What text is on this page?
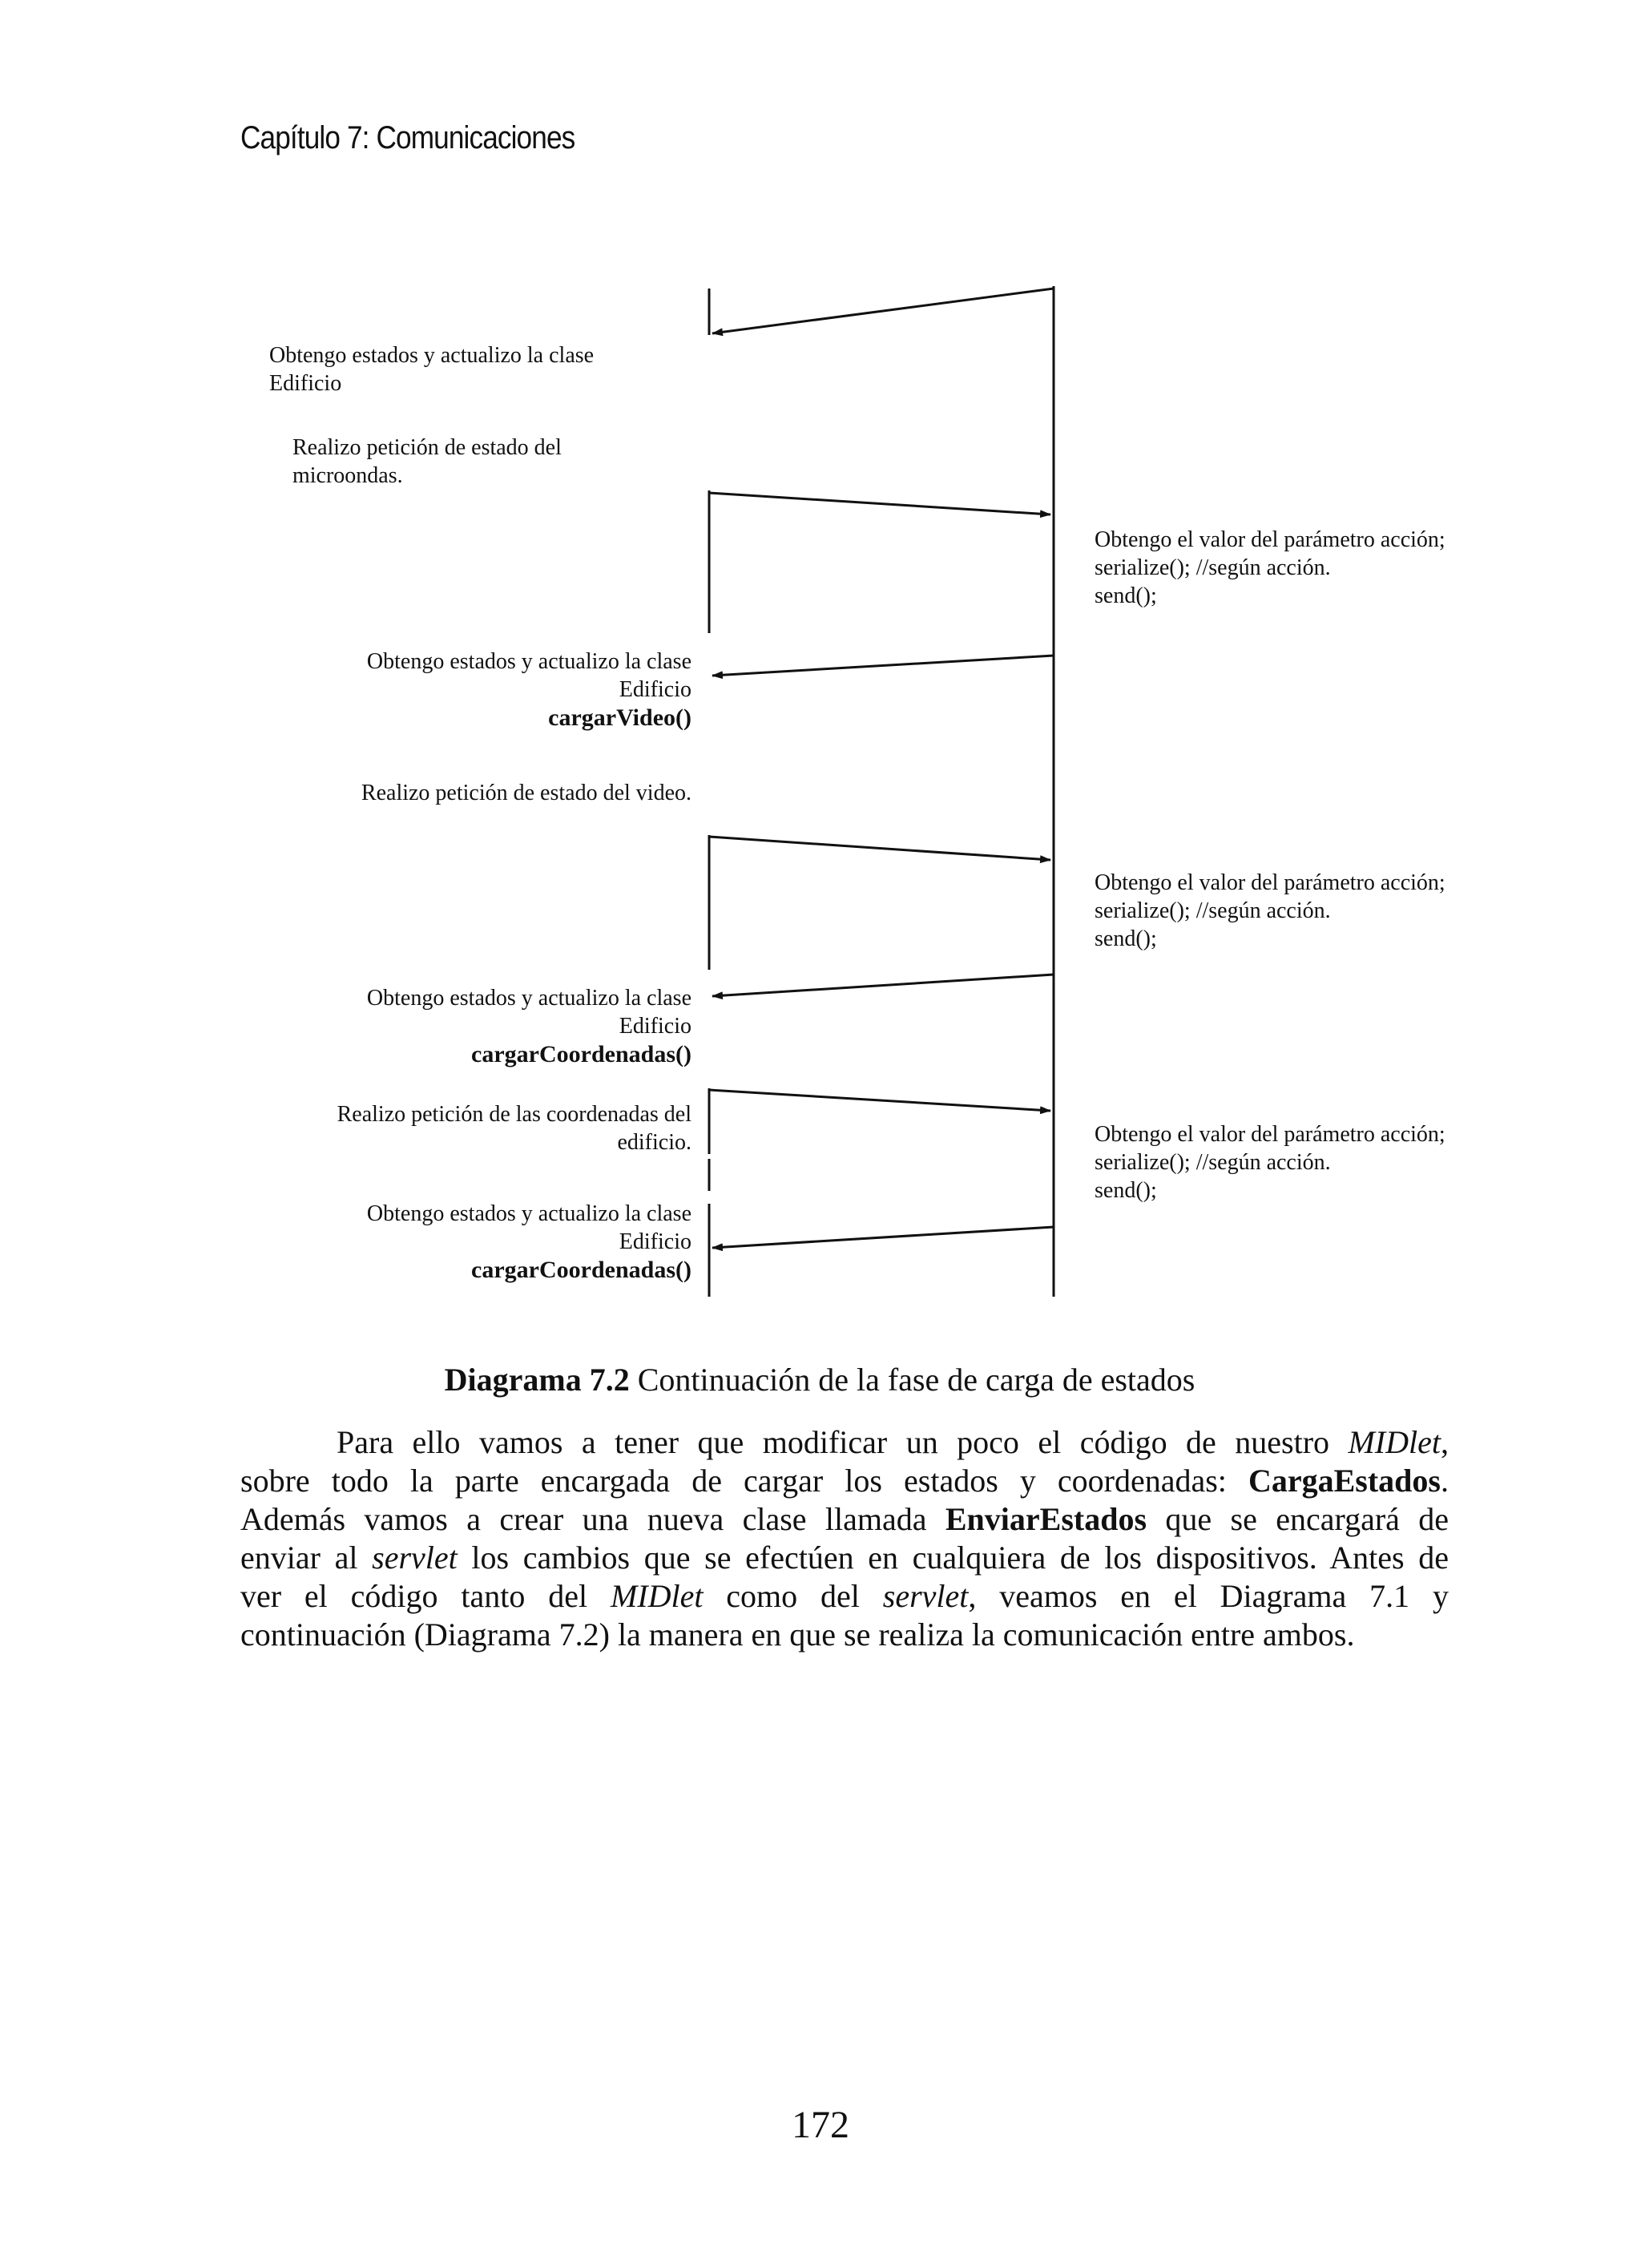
Capítulo 7: Comunicaciones
Obtengo estados y actualizo la clase
Edificio
Realizo petición de estado del
microondas.
Obtengo estados y actualizo la clase
Edificio
cargarVideo()
Realizo petición de estado del video.
Obtengo estados y actualizo la clase
Edificio
cargarCoordenadas()
Realizo petición de las coordenadas del
edificio.
Obtengo estados y actualizo la clase
Edificio
cargarCoordenadas()
Obtengo el valor del parámetro acción;
serialize(); //según acción.
send();
Obtengo el valor del parámetro acción;
serialize(); //según acción.
send();
Obtengo el valor del parámetro acción;
serialize(); //según acción.
send();
Diagrama 7.2 Continuación de la fase de carga de estados
Para ello vamos a tener que modificar un poco el código de nuestro MIDlet,
sobre todo la parte encargada de cargar los estados y coordenadas: CargaEstados.
Además vamos a crear una nueva clase llamada EnviarEstados que se encargará de
enviar al servlet los cambios que se efectúen en cualquiera de los dispositivos. Antes de
ver el código tanto del MIDlet como del servlet, veamos en el Diagrama 7.1 y
continuación (Diagrama 7.2) la manera en que se realiza la comunicación entre ambos.
172
